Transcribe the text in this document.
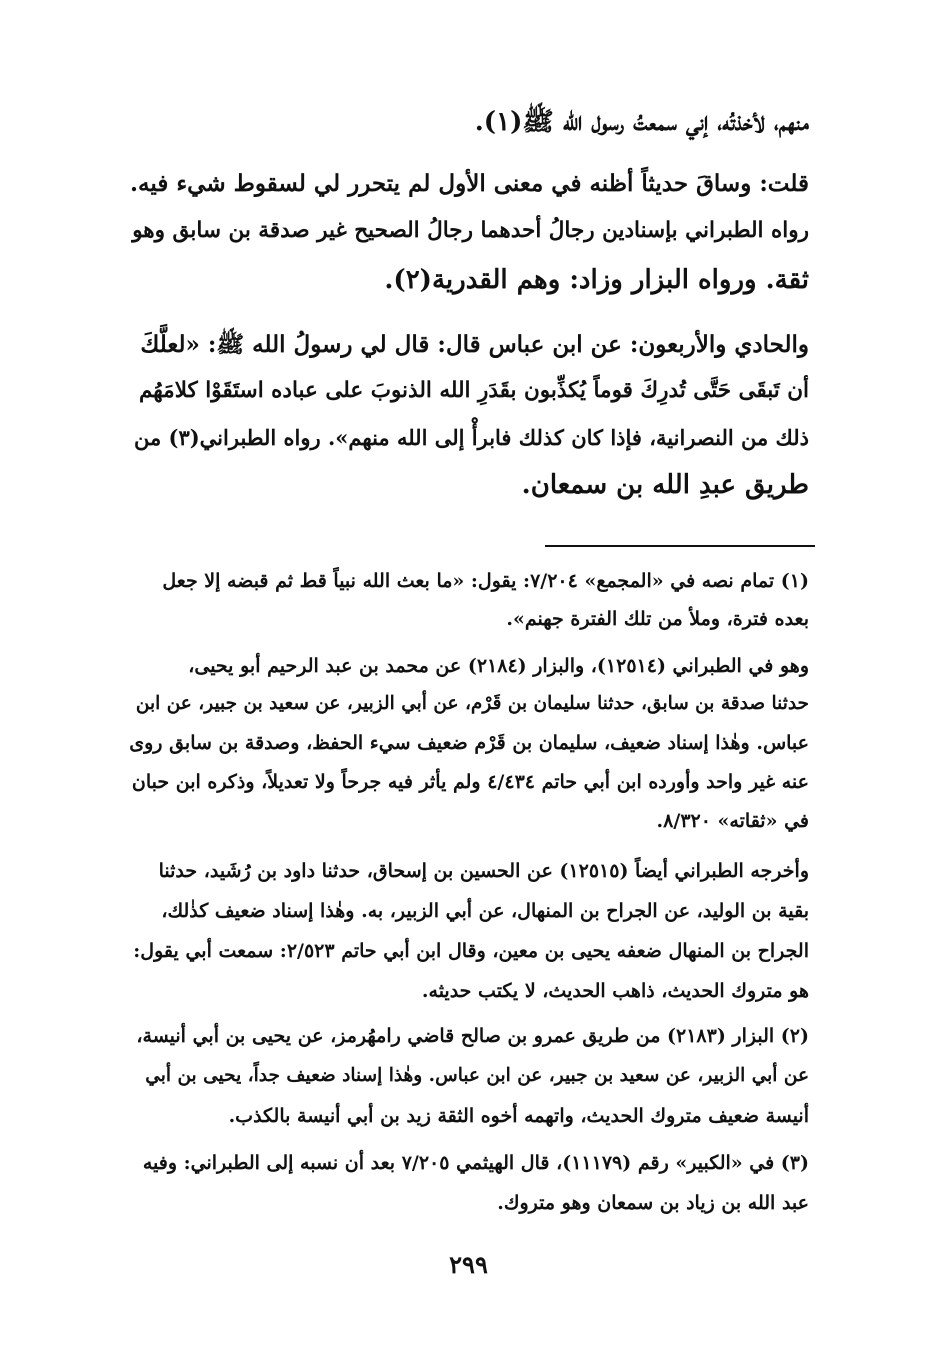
منهم، لأخذتُه، إني سمعتُ رسول الله ﷺ(١).
قلت: وساقَ حديثاً أظنه في معنى الأول لم يتحرر لي لسقوط شيء فيه.
رواه الطبراني بإسنادين رجالُ أحدهما رجالُ الصحيح غير صدقة بن سابق وهو
ثقة. ورواه البزار وزاد: وهم القدرية(٢).
والحادي والأربعون: عن ابن عباس قال: قال لي رسولُ الله ﷺ: «لعلَّكَ
أن تَبقَى حَتَّى تُدرِكَ قوماً يُكذِّبون بقَدَرِ الله الذنوبَ على عباده استَقَوْا كلامَهُم
ذلك من النصرانية، فإذا كان كذلك فابرأْ إلى الله منهم». رواه الطبراني(٣) من
طريق عبدِ الله بن سمعان.
(١) تمام نصه في «المجمع» ٧/٢٠٤: يقول: «ما بعث الله نبياً قط ثم قبضه إلا جعل
بعده فترة، وملأ من تلك الفترة جهنم».
وهو في الطبراني (١٢٥١٤)، والبزار (٢١٨٤) عن محمد بن عبد الرحيم أبو يحيى،
حدثنا صدقة بن سابق، حدثنا سليمان بن قَرْم، عن أبي الزبير، عن سعيد بن جبير، عن ابن
عباس. وهٰذا إسناد ضعيف، سليمان بن قَرْم ضعيف سيء الحفظ، وصدقة بن سابق روى
عنه غير واحد وأورده ابن أبي حاتم ٤/٤٣٤ ولم يأثر فيه جرحاً ولا تعديلاً، وذكره ابن حبان
في «ثقاته» ٨/٣٢٠.
وأخرجه الطبراني أيضاً (١٢٥١٥) عن الحسين بن إسحاق، حدثنا داود بن رُشَيد، حدثنا
بقية بن الوليد، عن الجراح بن المنهال، عن أبي الزبير، به. وهٰذا إسناد ضعيف كذٰلك،
الجراح بن المنهال ضعفه يحيى بن معين، وقال ابن أبي حاتم ٢/٥٢٣: سمعت أبي يقول:
هو متروك الحديث، ذاهب الحديث، لا يكتب حديثه.
(٢) البزار (٢١٨٣) من طريق عمرو بن صالح قاضي رامهُرمز، عن يحيى بن أبي أنيسة،
عن أبي الزبير، عن سعيد بن جبير، عن ابن عباس. وهٰذا إسناد ضعيف جداً، يحيى بن أبي
أنيسة ضعيف متروك الحديث، واتهمه أخوه الثقة زيد بن أبي أنيسة بالكذب.
(٣) في «الكبير» رقم (١١١٧٩)، قال الهيثمي ٧/٢٠٥ بعد أن نسبه إلى الطبراني: وفيه
عبد الله بن زياد بن سمعان وهو متروك.
٢٩٩
